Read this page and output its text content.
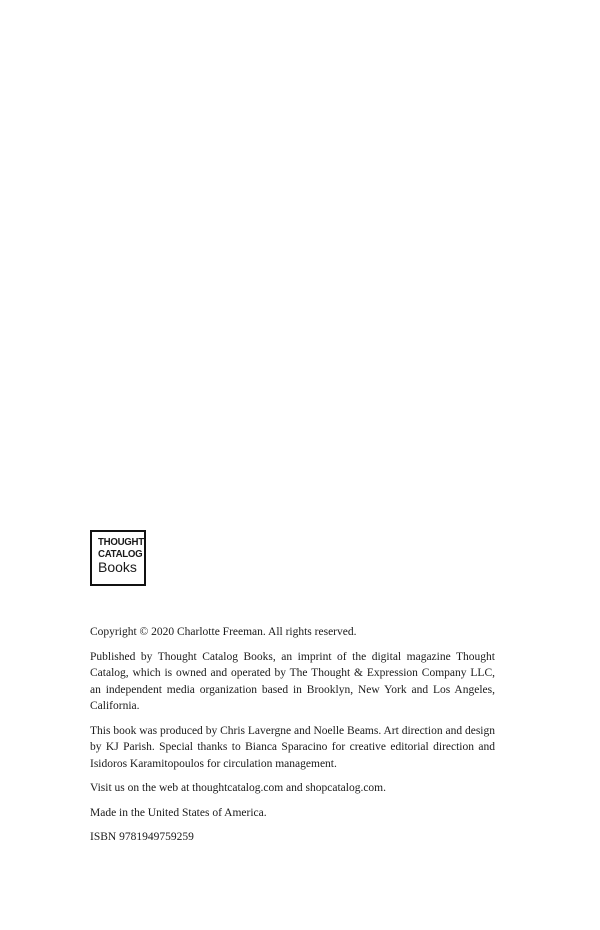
THOUGHT
CATALOG
Books

Copyright © 2020 Charlotte Freeman. All rights reserved.

Published by Thought Catalog Books, an imprint of the digital magazine Thought Catalog, which is owned and operated by The Thought & Expression Company LLC, an independent media organization based in Brooklyn, New York and Los Angeles, California.

This book was produced by Chris Lavergne and Noelle Beams. Art direction and design by KJ Parish. Special thanks to Bianca Sparacino for creative editorial direction and Isidoros Karamitopoulos for circulation management.

Visit us on the web at thoughtcatalog.com and shopcatalog.com.

Made in the United States of America.

ISBN 9781949759259
